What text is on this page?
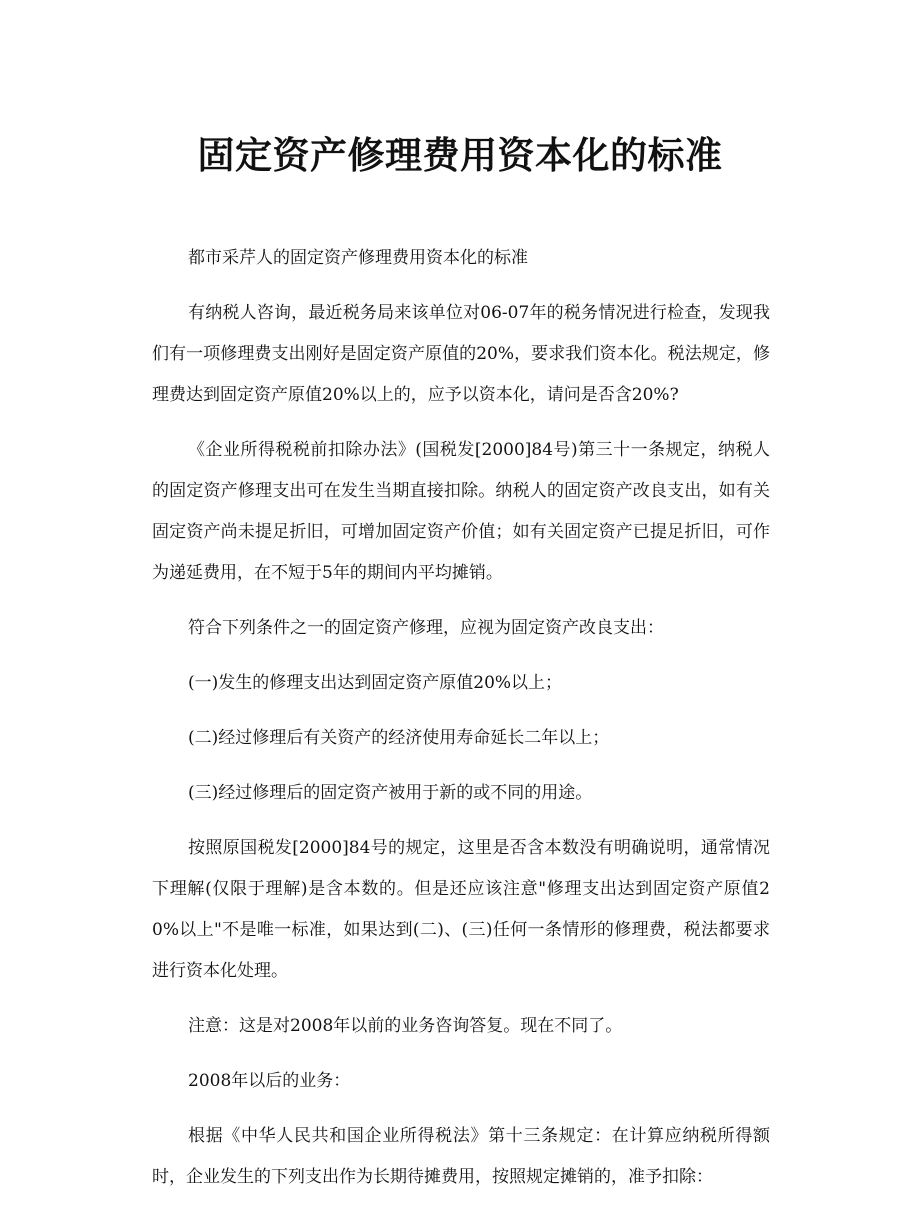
固定资产修理费用资本化的标准

都市采芹人的固定资产修理费用资本化的标准

有纳税人咨询，最近税务局来该单位对06-07年的税务情况进行检查，发现我们有一项修理费支出刚好是固定资产原值的20%，要求我们资本化。税法规定，修理费达到固定资产原值20%以上的，应予以资本化，请问是否含20%?

《企业所得税税前扣除办法》(国税发[2000]84号)第三十一条规定，纳税人的固定资产修理支出可在发生当期直接扣除。纳税人的固定资产改良支出，如有关固定资产尚未提足折旧，可增加固定资产价值；如有关固定资产已提足折旧，可作为递延费用，在不短于5年的期间内平均摊销。

符合下列条件之一的固定资产修理，应视为固定资产改良支出：

(一)发生的修理支出达到固定资产原值20%以上；

(二)经过修理后有关资产的经济使用寿命延长二年以上；

(三)经过修理后的固定资产被用于新的或不同的用途。

按照原国税发[2000]84号的规定，这里是否含本数没有明确说明，通常情况下理解(仅限于理解)是含本数的。但是还应该注意"修理支出达到固定资产原值20%以上"不是唯一标准，如果达到(二)、(三)任何一条情形的修理费，税法都要求进行资本化处理。

注意：这是对2008年以前的业务咨询答复。现在不同了。

2008年以后的业务：

根据《中华人民共和国企业所得税法》第十三条规定：在计算应纳税所得额时，企业发生的下列支出作为长期待摊费用，按照规定摊销的，准予扣除：
